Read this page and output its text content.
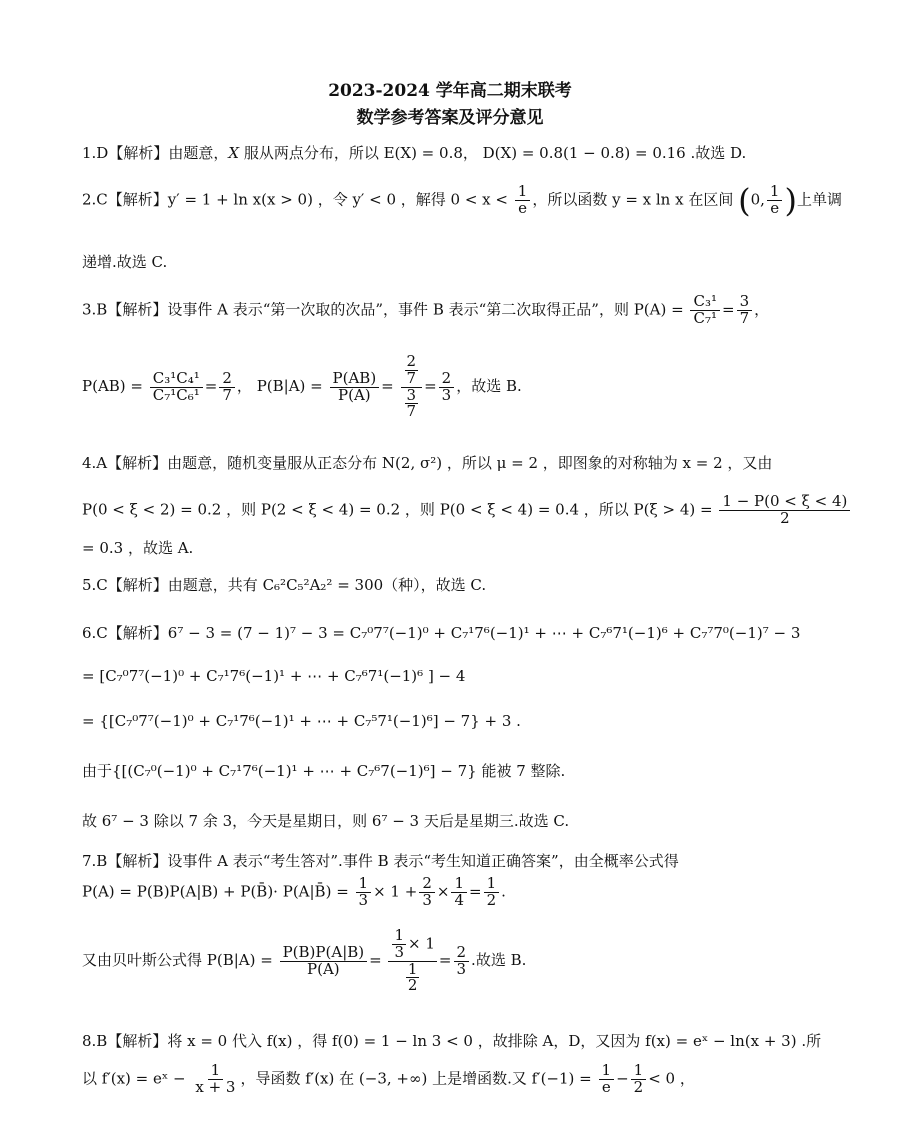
2023-2024 学年高二期末联考
数学参考答案及评分意见
1.D【解析】由题意，X 服从两点分布，所以 E(X) = 0.8， D(X) = 0.8(1 − 0.8) = 0.16 .故选 D.
2.C【解析】y′ = 1 + ln x(x > 0) ，令 y′ < 0 ，解得 $0 < x < \frac{1}{e}$ ，所以函数 y = x ln x 在区间 (0, $\frac{1}{e}$ )上单调
递增.故选 C.
3.B【解析】设事件 A 表示“第一次取的次品”，事件 B 表示“第二次取得正品”，则 $P(A) = \frac{\text{C₃¹}}{\text{C₇¹}} = \frac{3}{7}$ ，
$P(AB) = \frac{\text{C₃¹C₄¹}}{\text{C₇¹C₆¹}} = \frac{2}{7}$ ， $P(B|A) = \frac{P(AB)}{P(A)} = \frac{\frac{2}{7}}{\frac{3}{7}} = \frac{2}{3}$ ，故选 B.
4.A【解析】由题意，随机变量服从正态分布 N(2, σ²) ，所以 μ = 2 ，即图象的对称轴为 x = 2 ，又由
P(0 < ξ < 2) = 0.2 ，则 P(2 < ξ < 4) = 0.2 ，则 P(0 < ξ < 4) = 0.4 ，所以 $P(\xi > 4) = \frac{1 - P(0 < \xi < 4)}{2}$
= 0.3 ，故选 A.
5.C【解析】由题意，共有 C₆²C₅²A₂² = 300（种），故选 C.
6.C【解析】6⁷ − 3 = (7 − 1)⁷ − 3 = C₇⁰7⁷(−1)⁰ + C₇¹7⁶(−1)¹ + ⋯ + C₇⁶7¹(−1)⁶ + C₇⁷7⁰(−1)⁷ − 3
= [C₇⁰7⁷(−1)⁰ + C₇¹7⁶(−1)¹ + ⋯ + C₇⁶7¹(−1)⁶ ] − 4
= {[C₇⁰7⁷(−1)⁰ + C₇¹7⁶(−1)¹ + ⋯ + C₇⁵7¹(−1)⁶] − 7} + 3 .
由于{[(C₇⁰(−1)⁰ + C₇¹7⁶(−1)¹ + ⋯ + C₇⁶7(−1)⁶] − 7} 能被 7 整除.
故 6⁷ − 3 除以 7 余 3，今天是星期日，则 6⁷ − 3 天后是星期三.故选 C.
7.B【解析】设事件 A 表示“考生答对”.事件 B 表示“考生知道正确答案”，由全概率公式得
P(A) = P(B)P(A|B) + P(B̄)· P(A|B̄) = $\frac{1}{3} \times 1 + \frac{2}{3} \times \frac{1}{4} = \frac{1}{2}$ .
又由贝叶斯公式得 $P(B|A) = \frac{P(B)P(A|B)}{P(A)} = \frac{\frac{1}{3} \times 1}{\frac{1}{2}} = \frac{2}{3}$ .故选 B.
8.B【解析】将 x = 0 代入 f(x) ，得 f(0) = 1 − ln 3 < 0 ，故排除 A，D，又因为 f(x) = eˣ − ln(x + 3) .所
以 f′(x) = eˣ − $\frac{1}{x + 3}$ ，导函数 f′(x) 在 (−3, +∞) 上是增函数.又 $f'(-1) = \frac{1}{e} - \frac{1}{2} < 0$ ，
